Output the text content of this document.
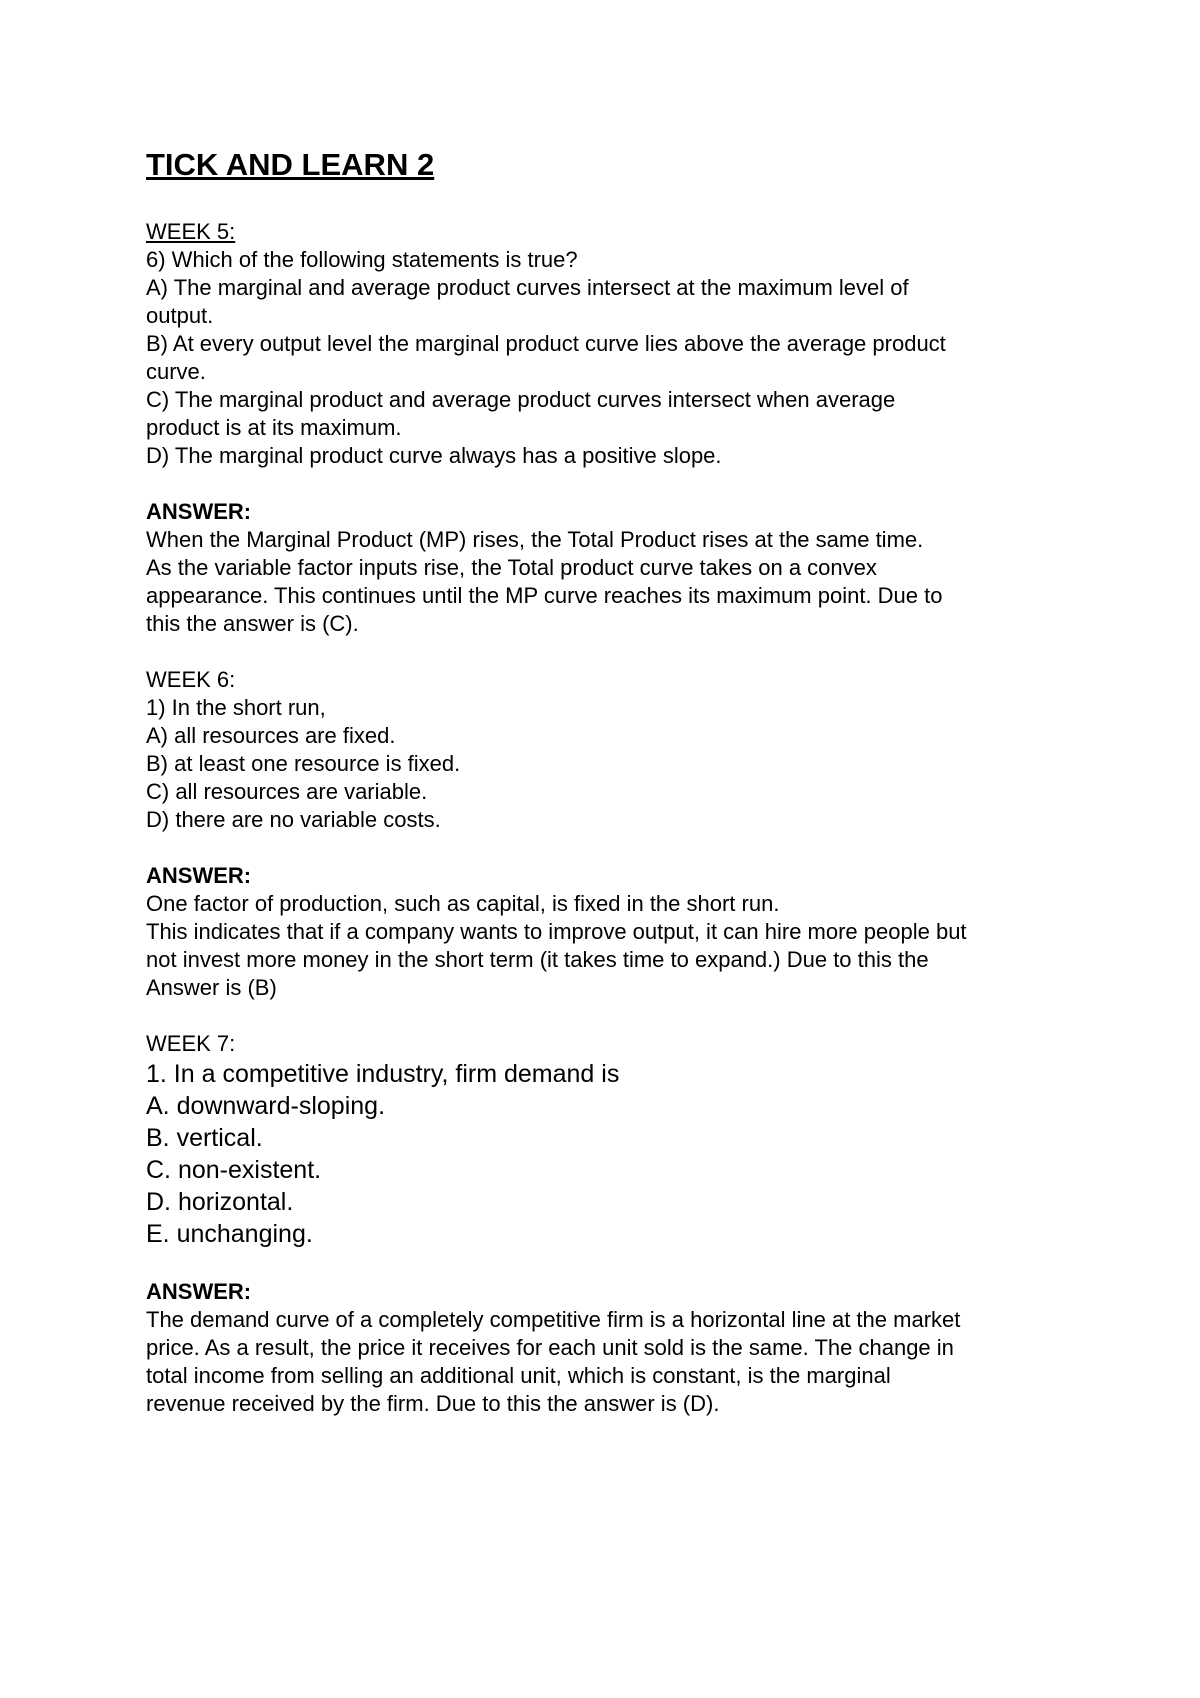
TICK AND LEARN 2
WEEK 5:
6) Which of the following statements is true?
A) The marginal and average product curves intersect at the maximum level of
output.
B) At every output level the marginal product curve lies above the average product
curve.
C) The marginal product and average product curves intersect when average
product is at its maximum.
D) The marginal product curve always has a positive slope.
ANSWER:
When the Marginal Product (MP) rises, the Total Product rises at the same time.
As the variable factor inputs rise, the Total product curve takes on a convex
appearance. This continues until the MP curve reaches its maximum point. Due to
this the answer is (C).
WEEK 6:
1) In the short run,
A) all resources are fixed.
B) at least one resource is fixed.
C) all resources are variable.
D) there are no variable costs.
ANSWER:
One factor of production, such as capital, is fixed in the short run.
This indicates that if a company wants to improve output, it can hire more people but
not invest more money in the short term (it takes time to expand.) Due to this the
Answer is (B)
WEEK 7:
1. In a competitive industry, firm demand is
A. downward-sloping.
B. vertical.
C. non-existent.
D. horizontal.
E. unchanging.
ANSWER:
The demand curve of a completely competitive firm is a horizontal line at the market
price. As a result, the price it receives for each unit sold is the same. The change in
total income from selling an additional unit, which is constant, is the marginal
revenue received by the firm. Due to this the answer is (D).
